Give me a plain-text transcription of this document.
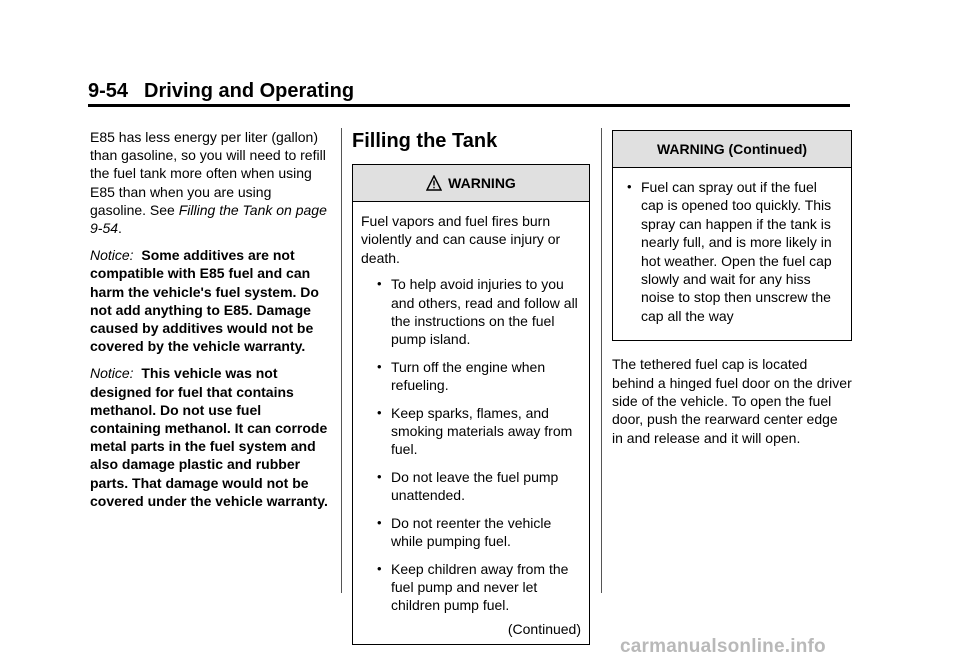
9-54 Driving and Operating

E85 has less energy per liter (gallon) than gasoline, so you will need to refill the fuel tank more often when using E85 than when you are using gasoline. See Filling the Tank on page 9-54.

Notice: Some additives are not compatible with E85 fuel and can harm the vehicle's fuel system. Do not add anything to E85. Damage caused by additives would not be covered by the vehicle warranty.

Notice: This vehicle was not designed for fuel that contains methanol. Do not use fuel containing methanol. It can corrode metal parts in the fuel system and also damage plastic and rubber parts. That damage would not be covered under the vehicle warranty.

Filling the Tank
WARNING

Fuel vapors and fuel fires burn violently and can cause injury or death.

• To help avoid injuries to you and others, read and follow all the instructions on the fuel pump island.
• Turn off the engine when refueling.
• Keep sparks, flames, and smoking materials away from fuel.
• Do not leave the fuel pump unattended.
• Do not reenter the vehicle while pumping fuel.
• Keep children away from the fuel pump and never let children pump fuel.
(Continued)
WARNING (Continued)
• Fuel can spray out if the fuel cap is opened too quickly. This spray can happen if the tank is nearly full, and is more likely in hot weather. Open the fuel cap slowly and wait for any hiss noise to stop then unscrew the cap all the way
The tethered fuel cap is located behind a hinged fuel door on the driver side of the vehicle. To open the fuel door, push the rearward center edge in and release and it will open.
carmanualsonline.info
